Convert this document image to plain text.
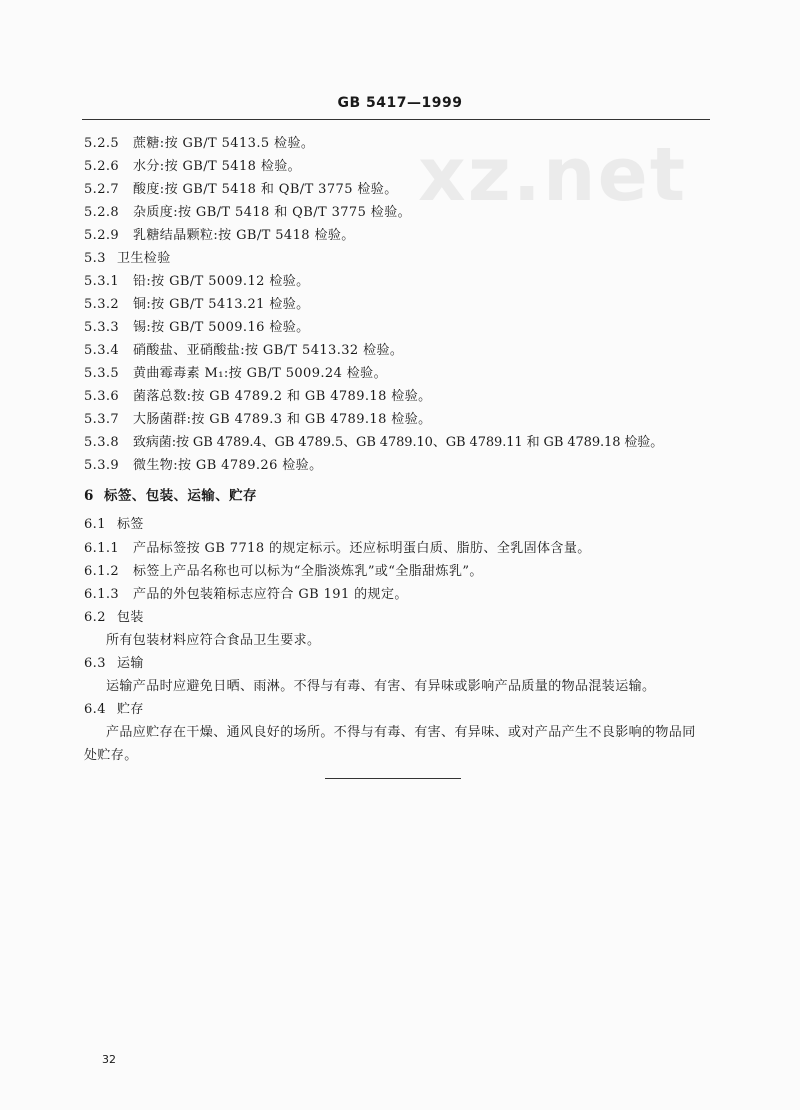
xz.net
GB 5417—1999
5.2.5 蔗糖:按 GB/T 5413.5 检验。
5.2.6 水分:按 GB/T 5418 检验。
5.2.7 酸度:按 GB/T 5418 和 QB/T 3775 检验。
5.2.8 杂质度:按 GB/T 5418 和 QB/T 3775 检验。
5.2.9 乳糖结晶颗粒:按 GB/T 5418 检验。
5.3 卫生检验
5.3.1 铅:按 GB/T 5009.12 检验。
5.3.2 铜:按 GB/T 5413.21 检验。
5.3.3 锡:按 GB/T 5009.16 检验。
5.3.4 硝酸盐、亚硝酸盐:按 GB/T 5413.32 检验。
5.3.5 黄曲霉毒素 M₁:按 GB/T 5009.24 检验。
5.3.6 菌落总数:按 GB 4789.2 和 GB 4789.18 检验。
5.3.7 大肠菌群:按 GB 4789.3 和 GB 4789.18 检验。
5.3.8 致病菌:按 GB 4789.4、GB 4789.5、GB 4789.10、GB 4789.11 和 GB 4789.18 检验。
5.3.9 微生物:按 GB 4789.26 检验。
6 标签、包装、运输、贮存
6.1 标签
6.1.1 产品标签按 GB 7718 的规定标示。还应标明蛋白质、脂肪、全乳固体含量。
6.1.2 标签上产品名称也可以标为“全脂淡炼乳”或“全脂甜炼乳”。
6.1.3 产品的外包装箱标志应符合 GB 191 的规定。
6.2 包装
所有包装材料应符合食品卫生要求。
6.3 运输
运输产品时应避免日晒、雨淋。不得与有毒、有害、有异味或影响产品质量的物品混装运输。
6.4 贮存
产品应贮存在干燥、通风良好的场所。不得与有毒、有害、有异味、或对产品产生不良影响的物品同
处贮存。
32
